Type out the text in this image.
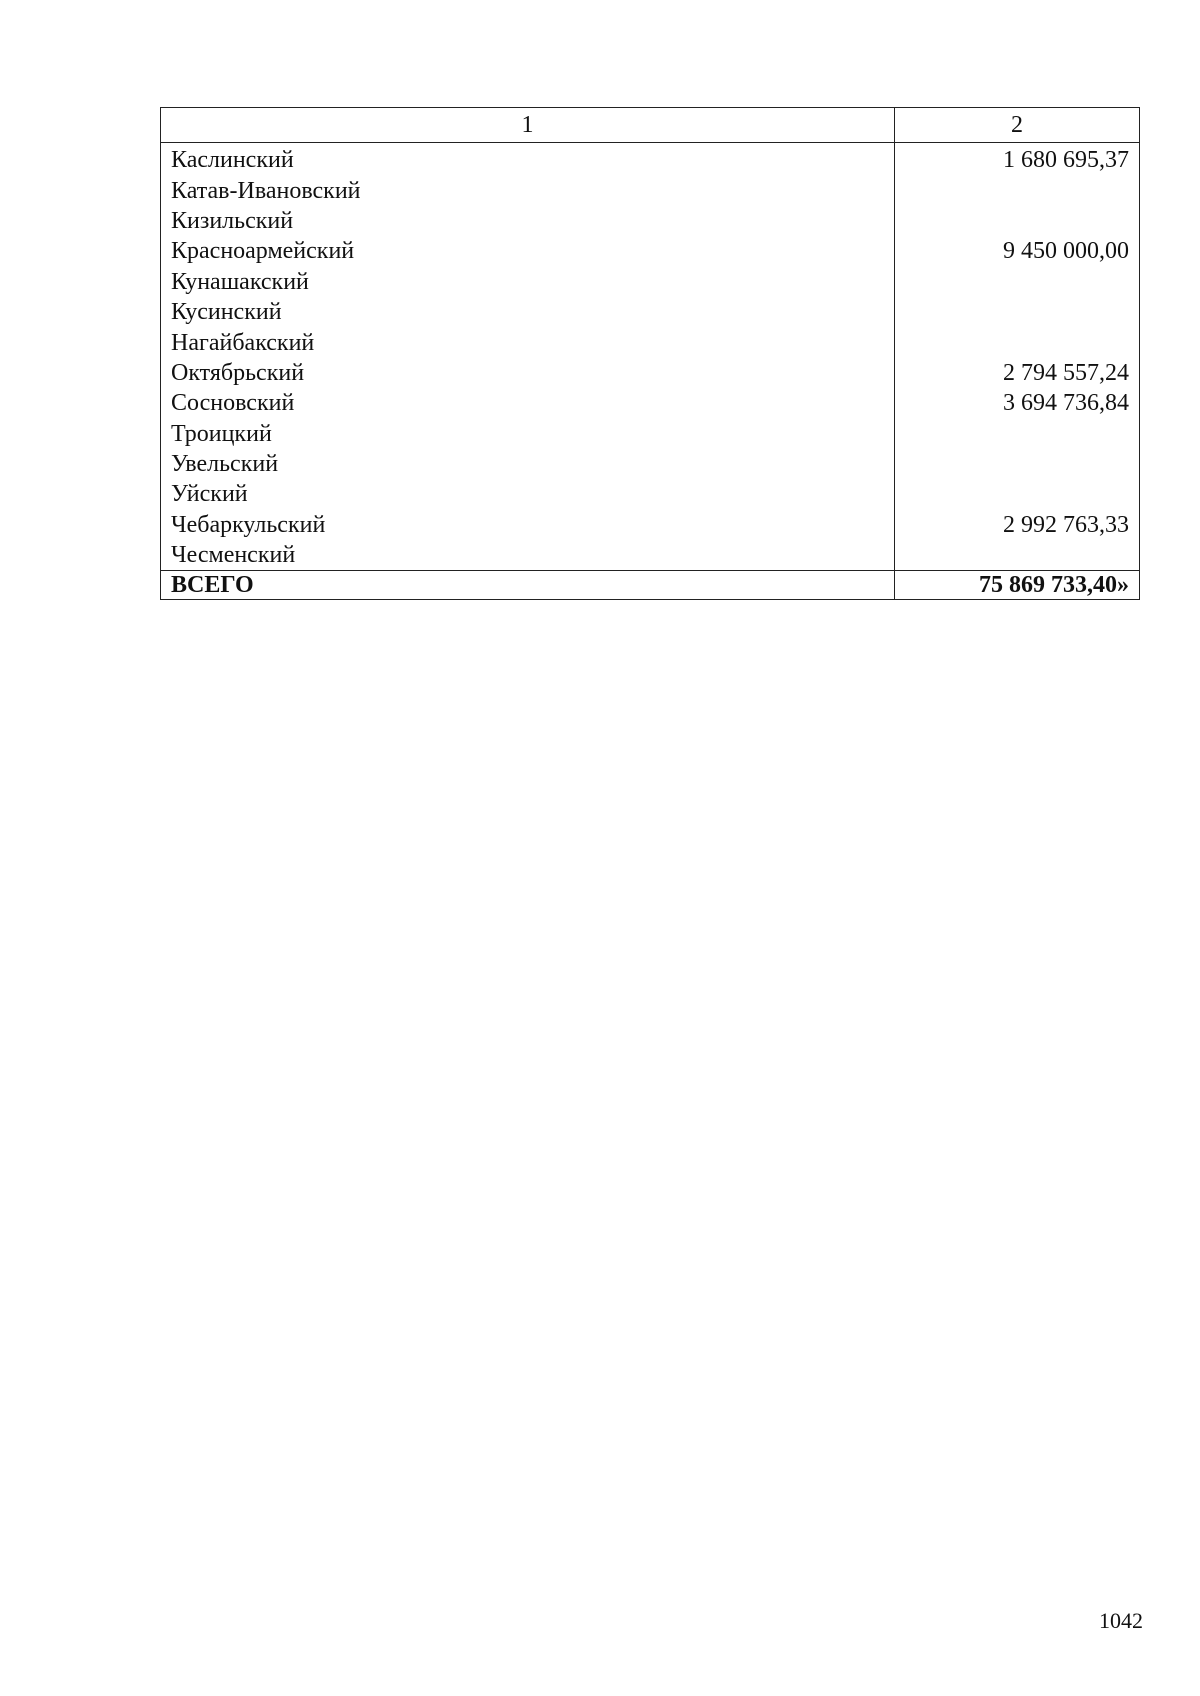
1	2
Каслинский	1 680 695,37
Катав-Ивановский	
Кизильский	
Красноармейский	9 450 000,00
Кунашакский	
Кусинский	
Нагайбакский	
Октябрьский	2 794 557,24
Сосновский	3 694 736,84
Троицкий	
Увельский	
Уйский	
Чебаркульский	2 992 763,33
Чесменский	
ВСЕГО	75 869 733,40»
1042
